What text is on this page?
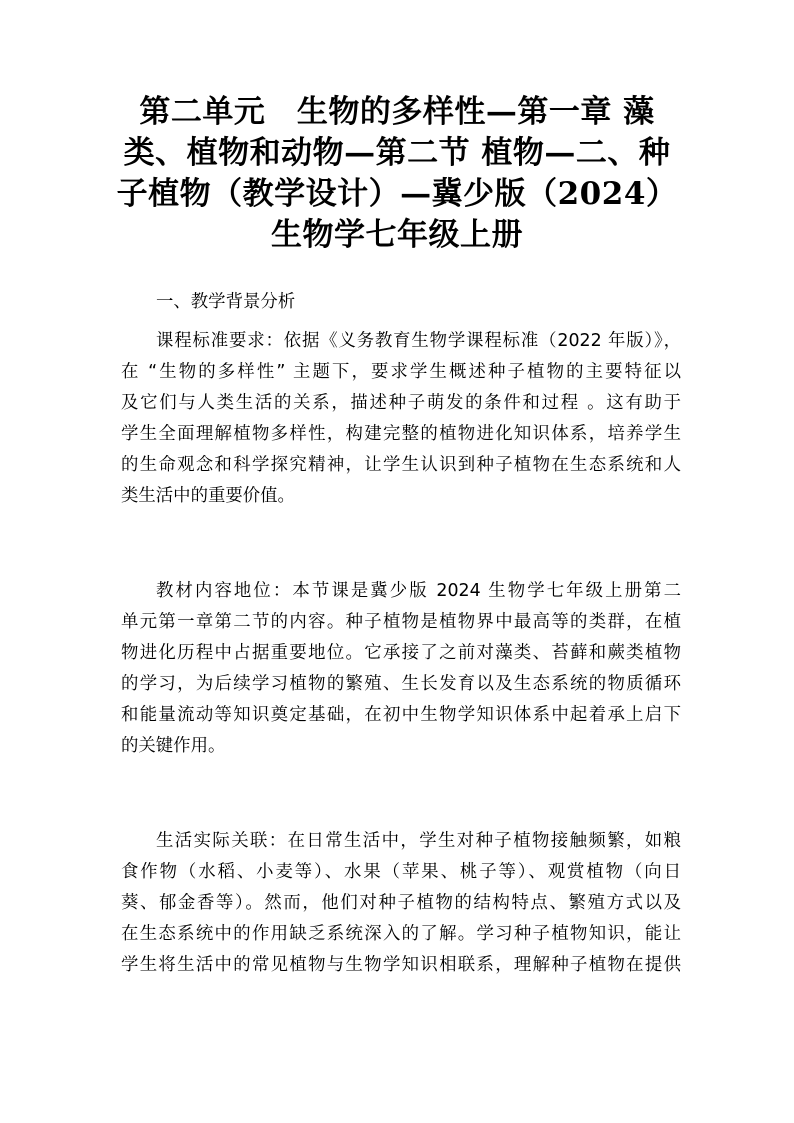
第二单元　生物的多样性—第一章 藻
类、植物和动物—第二节 植物—二、种
子植物（教学设计）—冀少版（2024）
生物学七年级上册

一、教学背景分析

课程标准要求：依据《义务教育生物学课程标准（2022 年版）》，
在 “生物的多样性” 主题下，要求学生概述种子植物的主要特征以
及它们与人类生活的关系，描述种子萌发的条件和过程 。这有助于
学生全面理解植物多样性，构建完整的植物进化知识体系，培养学生
的生命观念和科学探究精神，让学生认识到种子植物在生态系统和人
类生活中的重要价值。

教材内容地位：本节课是冀少版 2024 生物学七年级上册第二
单元第一章第二节的内容。种子植物是植物界中最高等的类群，在植
物进化历程中占据重要地位。它承接了之前对藻类、苔藓和蕨类植物
的学习，为后续学习植物的繁殖、生长发育以及生态系统的物质循环
和能量流动等知识奠定基础，在初中生物学知识体系中起着承上启下
的关键作用。

生活实际关联：在日常生活中，学生对种子植物接触频繁，如粮
食作物（水稻、小麦等）、水果（苹果、桃子等）、观赏植物（向日
葵、郁金香等）。然而，他们对种子植物的结构特点、繁殖方式以及
在生态系统中的作用缺乏系统深入的了解。学习种子植物知识，能让
学生将生活中的常见植物与生物学知识相联系，理解种子植物在提供
